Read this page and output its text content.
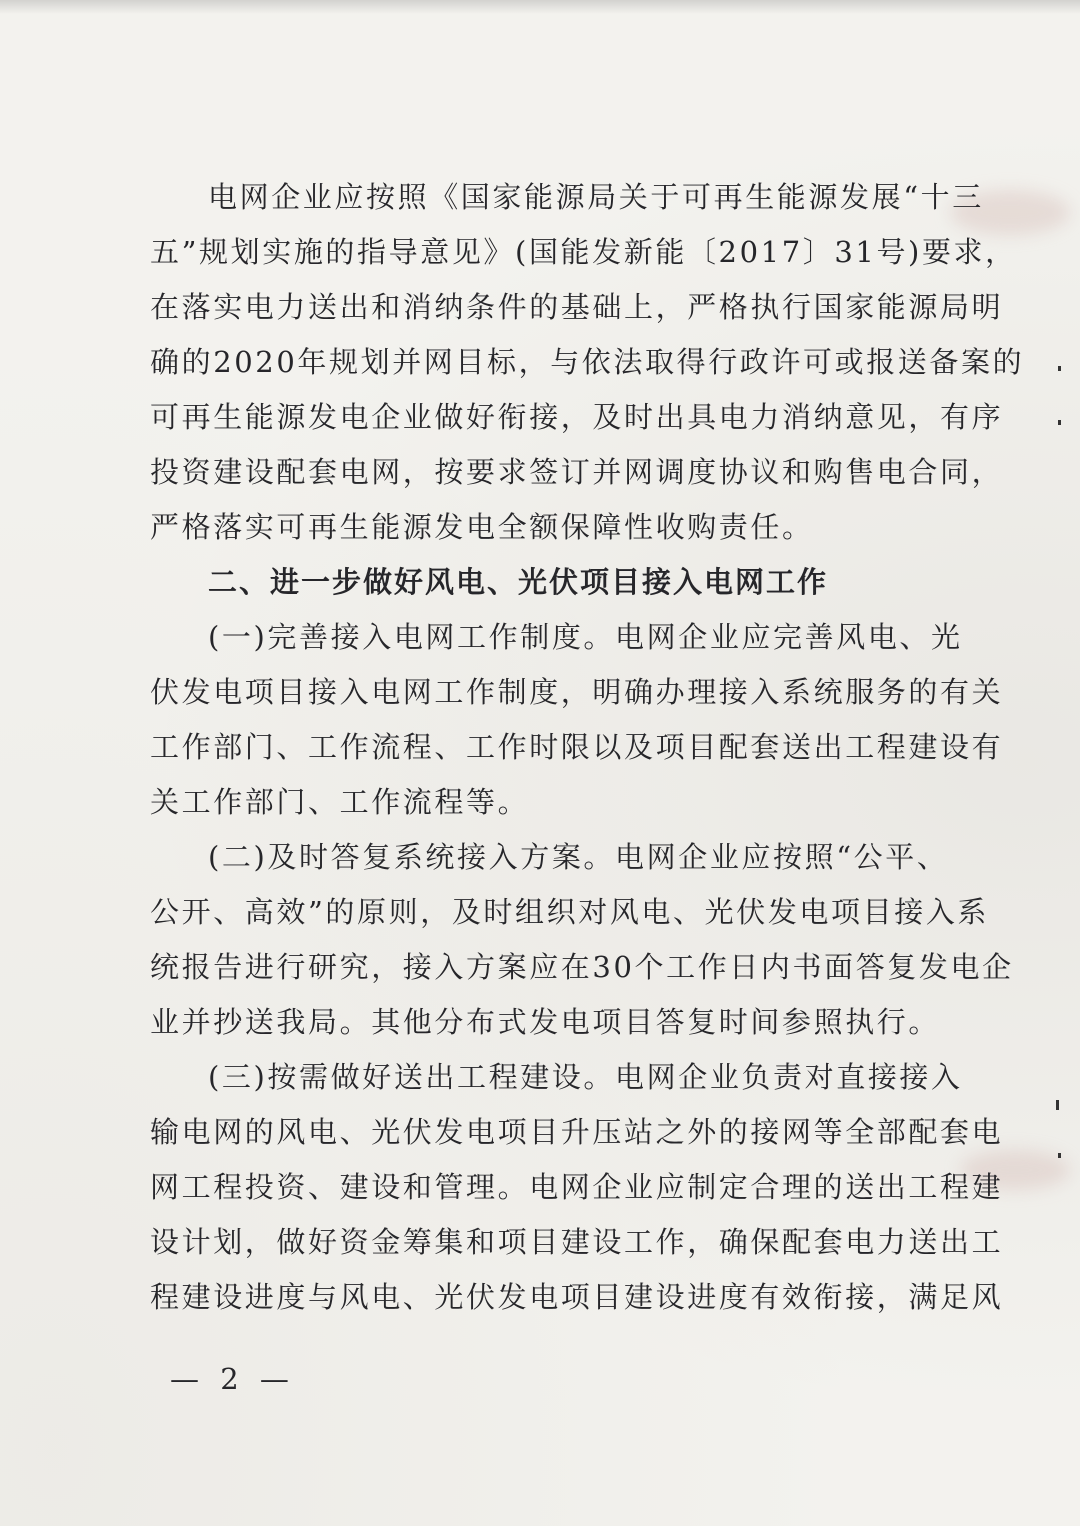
电网企业应按照《国家能源局关于可再生能源发展“十三
五”规划实施的指导意见》(国能发新能〔2017〕31号)要求，
在落实电力送出和消纳条件的基础上，严格执行国家能源局明
确的2020年规划并网目标，与依法取得行政许可或报送备案的
可再生能源发电企业做好衔接，及时出具电力消纳意见，有序
投资建设配套电网，按要求签订并网调度协议和购售电合同，
严格落实可再生能源发电全额保障性收购责任。
二、进一步做好风电、光伏项目接入电网工作
(一)完善接入电网工作制度。电网企业应完善风电、光
伏发电项目接入电网工作制度，明确办理接入系统服务的有关
工作部门、工作流程、工作时限以及项目配套送出工程建设有
关工作部门、工作流程等。
(二)及时答复系统接入方案。电网企业应按照“公平、
公开、高效”的原则，及时组织对风电、光伏发电项目接入系
统报告进行研究，接入方案应在30个工作日内书面答复发电企
业并抄送我局。其他分布式发电项目答复时间参照执行。
(三)按需做好送出工程建设。电网企业负责对直接接入
输电网的风电、光伏发电项目升压站之外的接网等全部配套电
网工程投资、建设和管理。电网企业应制定合理的送出工程建
设计划，做好资金筹集和项目建设工作，确保配套电力送出工
程建设进度与风电、光伏发电项目建设进度有效衔接，满足风
— 2 —
